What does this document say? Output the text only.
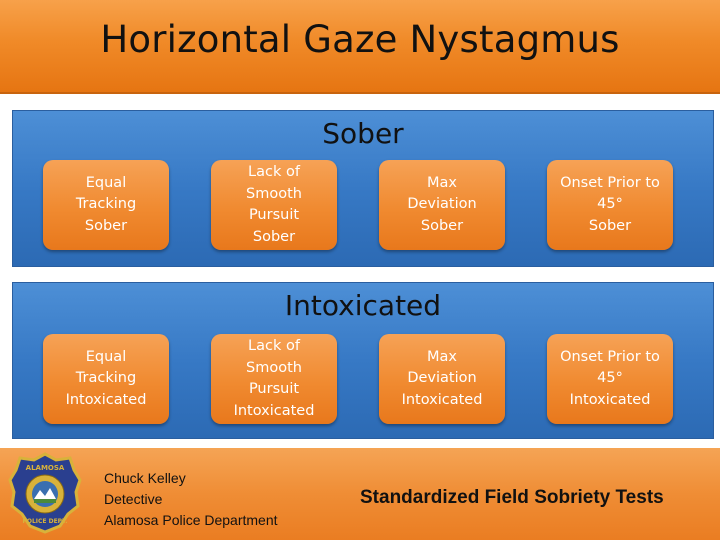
Horizontal Gaze Nystagmus
Sober
Equal
Tracking
Sober
Lack of
Smooth
Pursuit
Sober
Max
Deviation
Sober
Onset Prior to
45°
Sober
Intoxicated
Equal
Tracking
Intoxicated
Lack of
Smooth
Pursuit
Intoxicated
Max
Deviation
Intoxicated
Onset Prior to
45°
Intoxicated
ALAMOSA
POLICE DEPT.
Chuck Kelley
Detective
Alamosa Police Department
Standardized Field Sobriety Tests
